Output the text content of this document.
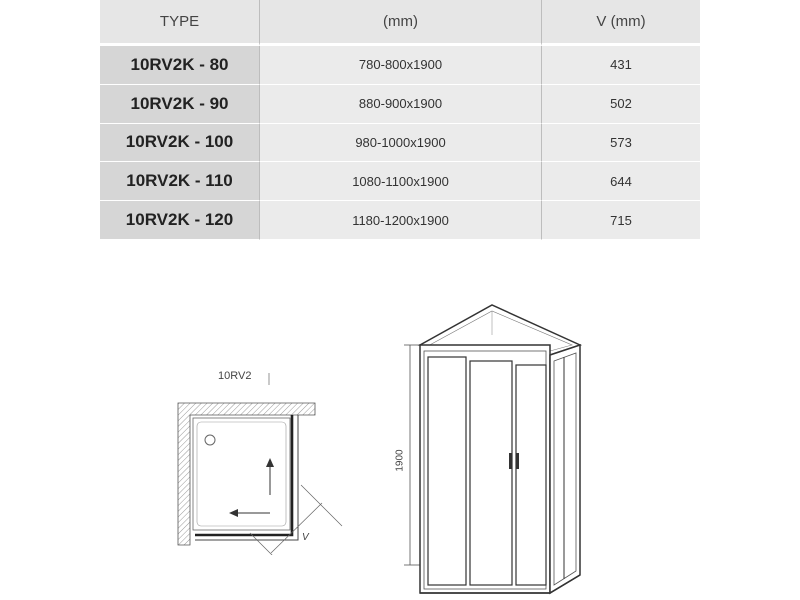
TYPE	(mm)	V (mm)
10RV2K - 80	780-800x1900	431
10RV2K - 90	880-900x1900	502
10RV2K - 100	980-1000x1900	573
10RV2K - 110	1080-1100x1900	644
10RV2K - 120	1180-1200x1900	715
10RV2
V
1900
